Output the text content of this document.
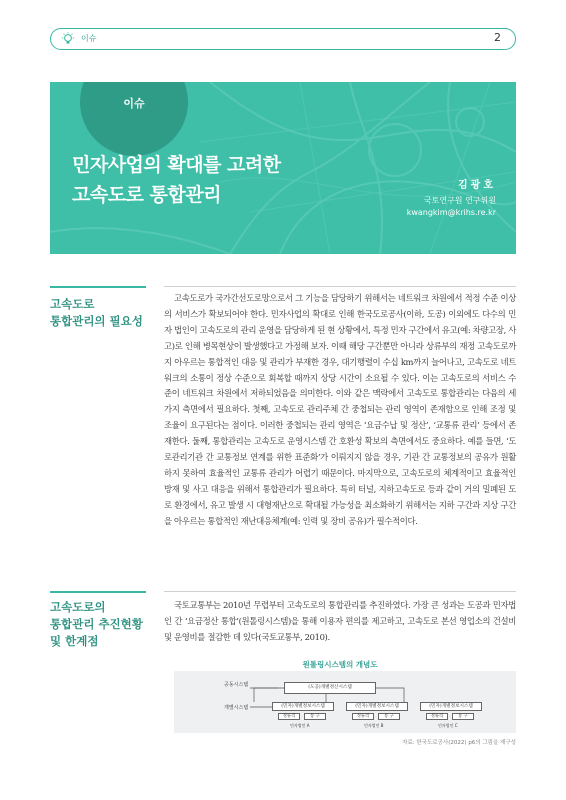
이슈	2
이슈
민자사업의 확대를 고려한
고속도로 통합관리	김광호
국토연구원 연구위원
kwangkim@krihs.re.kr
고속도로
통합관리의 필요성

고속도로가 국가간선도로망으로서 그 기능을 담당하기 위해서는 네트워크 차원에서 적정 수준 이상의 서비스가 확보되어야 한다. 민자사업의 확대로 인해 한국도로공사(이하, 도공) 이외에도 다수의 민자 법인이 고속도로의 관리 운영을 담당하게 된 현 상황에서, 특정 민자 구간에서 유고(예: 차량고장, 사고)로 인해 병목현상이 발생했다고 가정해 보자. 이때 해당 구간뿐만 아니라 상류부의 재정 고속도로까지 아우르는 통합적인 대응 및 관리가 부재한 경우, 대기행렬이 수십 km까지 늘어나고, 고속도로 네트워크의 소통이 정상 수준으로 회복할 때까지 상당 시간이 소요될 수 있다. 이는 고속도로의 서비스 수준이 네트워크 차원에서 저하되었음을 의미한다. 이와 같은 맥락에서 고속도로 통합관리는 다음의 세 가지 측면에서 필요하다. 첫째, 고속도로 관리주체 간 중첩되는 관리 영역이 존재함으로 인해 조정 및 조율이 요구된다는 점이다. 이러한 중첩되는 관리 영역은 ‘요금수납 및 정산’, ‘교통류 관리’ 등에서 존재한다. 둘째, 통합관리는 고속도로 운영시스템 간 호환성 확보의 측면에서도 중요하다. 예를 들면, ‘도로관리기관 간 교통정보 연계를 위한 표준화’가 이뤄지지 않을 경우, 기관 간 교통정보의 공유가 원활하지 못하여 효율적인 교통류 관리가 어렵기 때문이다. 마지막으로, 고속도로의 체계적이고 효율적인 방재 및 사고 대응을 위해서 통합관리가 필요하다. 특히 터널, 지하고속도로 등과 같이 거의 밀폐된 도로 환경에서, 유고 발생 시 대형재난으로 확대될 가능성을 최소화하기 위해서는 지하 구간과 지상 구간을 아우르는 통합적인 재난대응체계(예: 인력 및 장비 공유)가 필수적이다.

고속도로의
통합관리 추진현황
및 한계점

국토교통부는 2010년 무렵부터 고속도로의 통합관리를 추진하였다. 가장 큰 성과는 도공과 민자법인 간 ‘요금정산 통합’(원톨링시스템)을 통해 이용자 편의를 제고하고, 고속도로 본선 영업소의 건설비 및 운영비를 절감한 데 있다(국토교통부, 2010).

원톨링시스템의 개념도
공동시스템
개별시스템
(도공)개별정산시스템
(민자)개별정보시스템
정류리	통 구
민자법인 A
(민자)개별정보시스템
정류리	통 구
민자법인 B
(민자)개별정보시스템
정류리	통 구
민자법인 C
자료: 한국도로공사(2022) p6의 그림을 재구성
